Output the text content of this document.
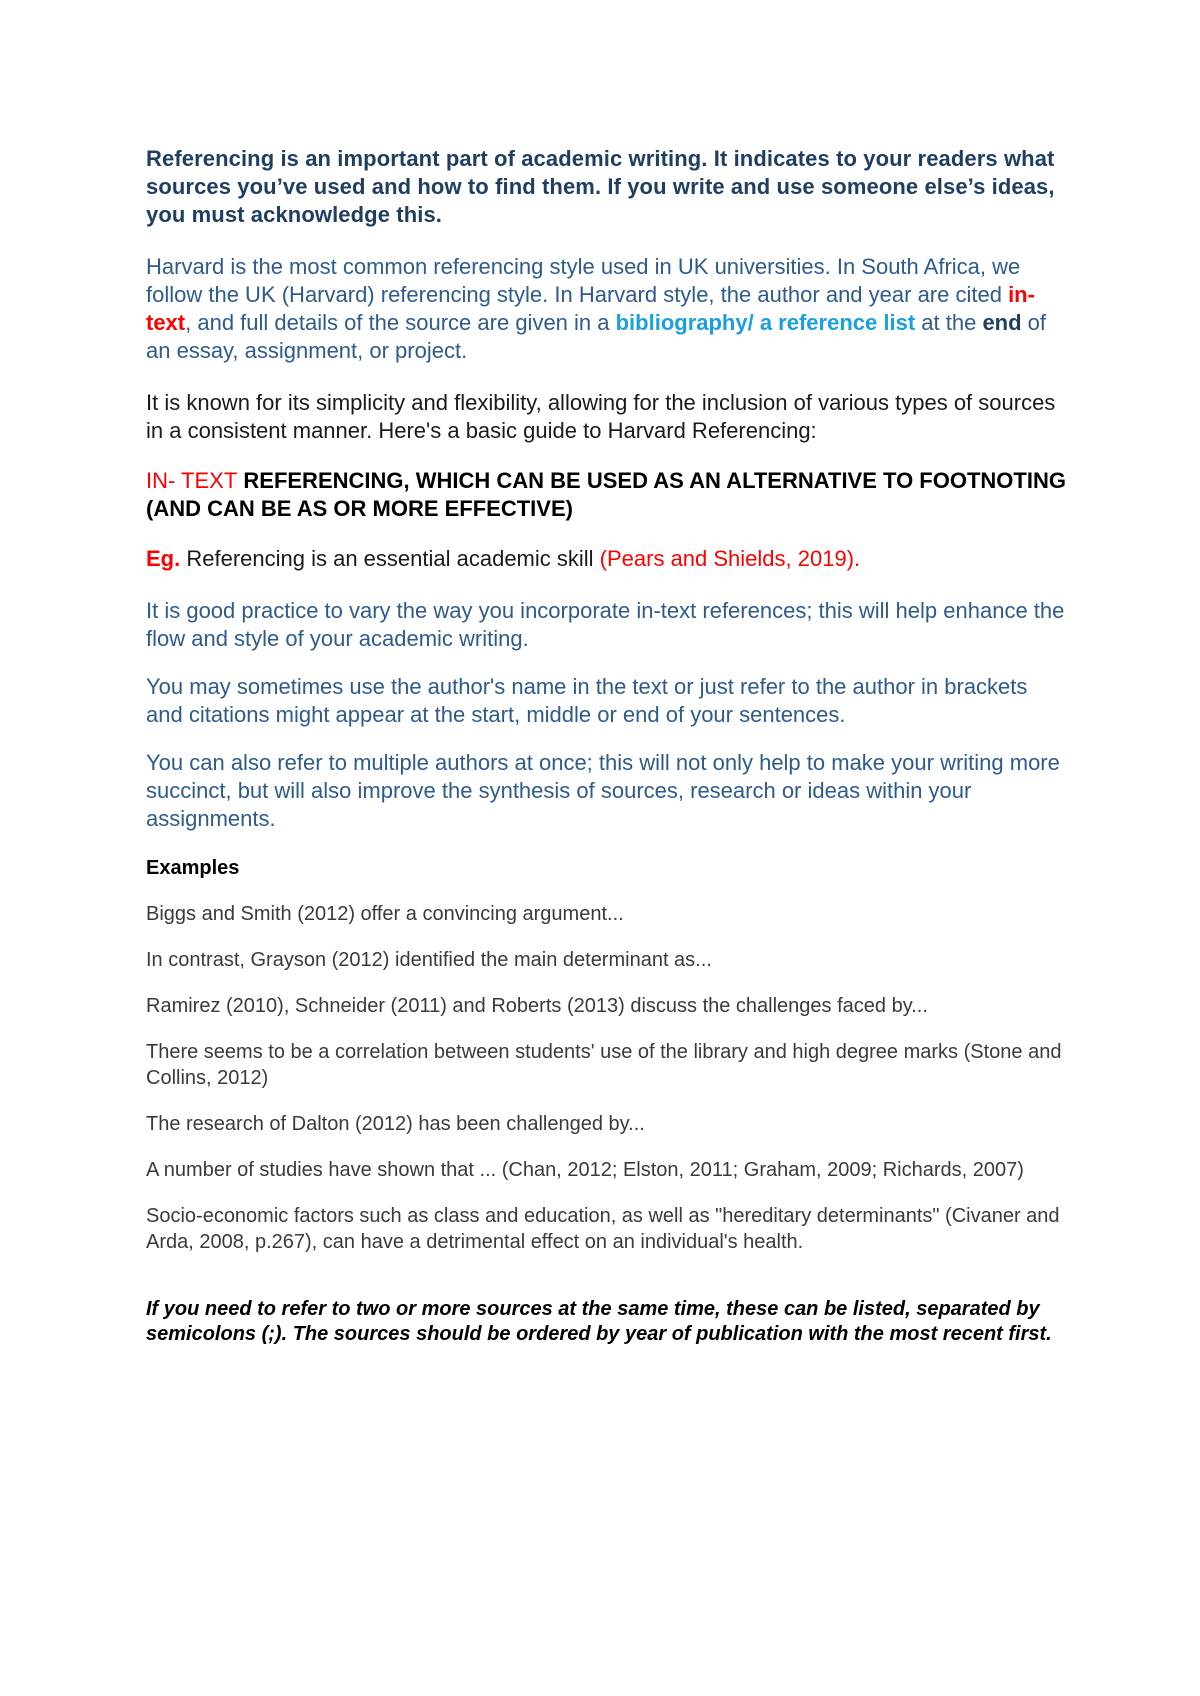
Referencing is an important part of academic writing. It indicates to your readers what sources you’ve used and how to find them. If you write and use someone else’s ideas, you must acknowledge this.

Harvard is the most common referencing style used in UK universities. In South Africa, we follow the UK (Harvard) referencing style. In Harvard style, the author and year are cited in-text, and full details of the source are given in a bibliography/ a reference list at the end of an essay, assignment, or project.

It is known for its simplicity and flexibility, allowing for the inclusion of various types of sources in a consistent manner. Here's a basic guide to Harvard Referencing:

IN- TEXT REFERENCING, WHICH CAN BE USED AS AN ALTERNATIVE TO FOOTNOTING (AND CAN BE AS OR MORE EFFECTIVE)

Eg. Referencing is an essential academic skill (Pears and Shields, 2019).

It is good practice to vary the way you incorporate in-text references; this will help enhance the flow and style of your academic writing.

You may sometimes use the author's name in the text or just refer to the author in brackets and citations might appear at the start, middle or end of your sentences.

You can also refer to multiple authors at once; this will not only help to make your writing more succinct, but will also improve the synthesis of sources, research or ideas within your assignments.

Examples

Biggs and Smith (2012) offer a convincing argument...

In contrast, Grayson (2012) identified the main determinant as...

Ramirez (2010), Schneider (2011) and Roberts (2013) discuss the challenges faced by...

There seems to be a correlation between students' use of the library and high degree marks (Stone and Collins, 2012)

The research of Dalton (2012) has been challenged by...

A number of studies have shown that ... (Chan, 2012; Elston, 2011; Graham, 2009; Richards, 2007)

Socio-economic factors such as class and education, as well as "hereditary determinants" (Civaner and Arda, 2008, p.267), can have a detrimental effect on an individual's health.

If you need to refer to two or more sources at the same time, these can be listed, separated by semicolons (;). The sources should be ordered by year of publication with the most recent first.
